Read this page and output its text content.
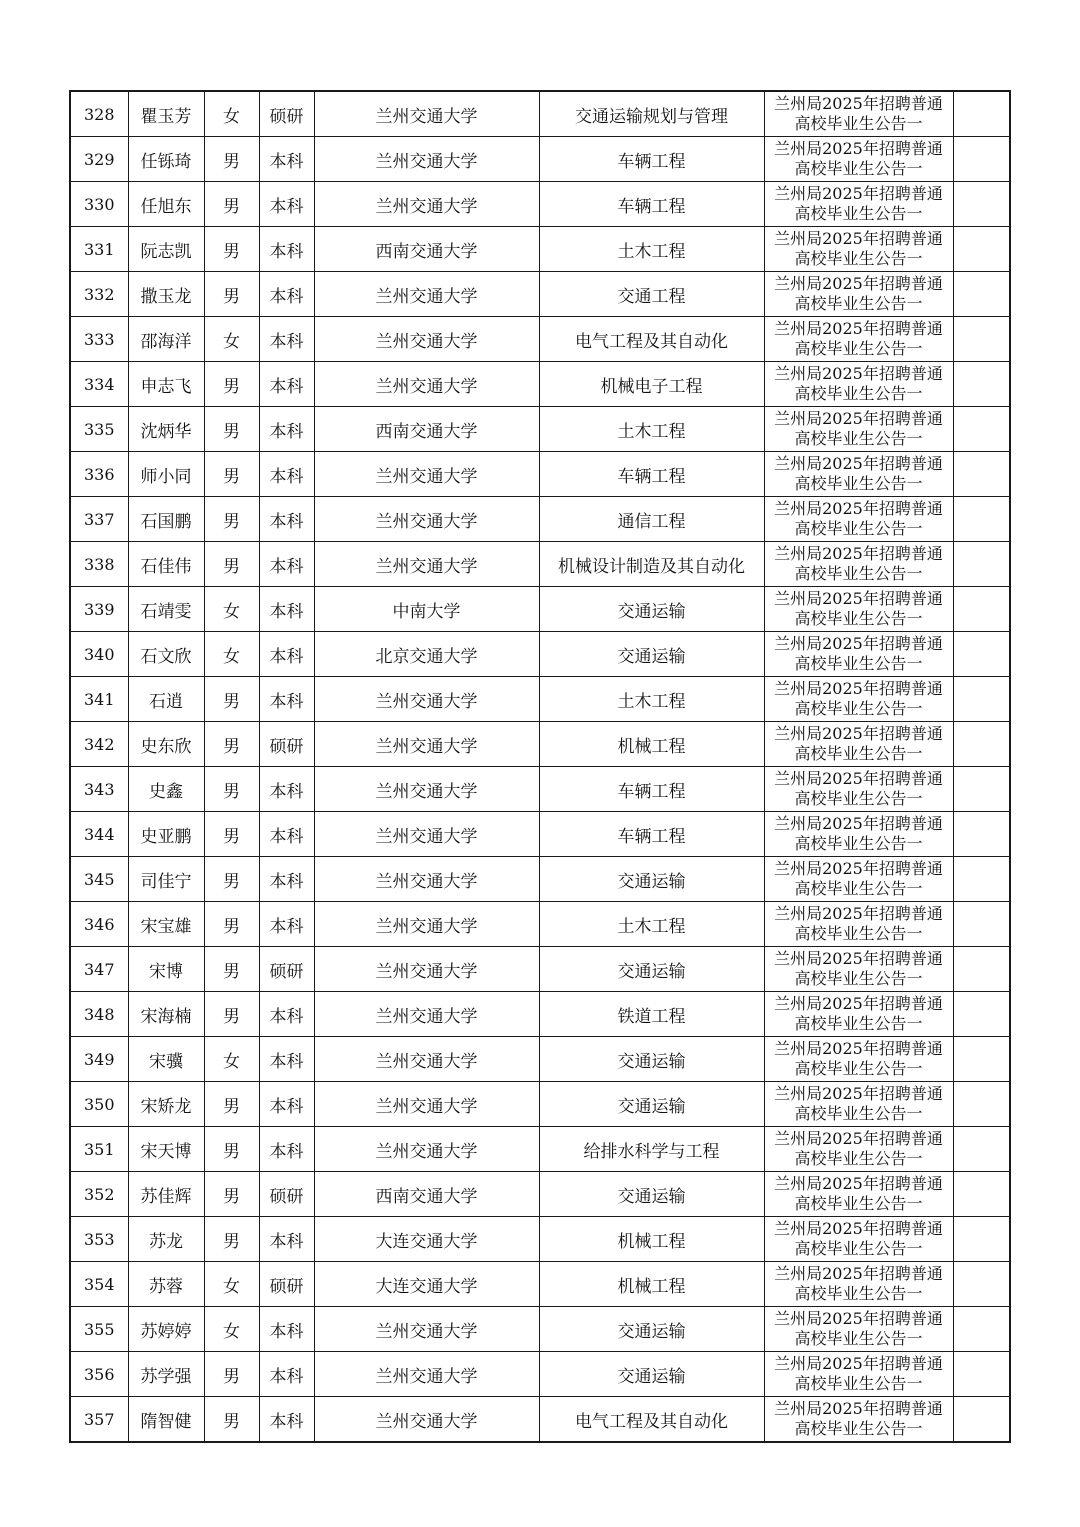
328	瞿玉芳	女	硕研	兰州交通大学	交通运输规划与管理	兰州局2025年招聘普通
高校毕业生公告一	

329	任铄琦	男	本科	兰州交通大学	车辆工程	兰州局2025年招聘普通
高校毕业生公告一	

330	任旭东	男	本科	兰州交通大学	车辆工程	兰州局2025年招聘普通
高校毕业生公告一	

331	阮志凯	男	本科	西南交通大学	土木工程	兰州局2025年招聘普通
高校毕业生公告一	

332	撒玉龙	男	本科	兰州交通大学	交通工程	兰州局2025年招聘普通
高校毕业生公告一	

333	邵海洋	女	本科	兰州交通大学	电气工程及其自动化	兰州局2025年招聘普通
高校毕业生公告一	

334	申志飞	男	本科	兰州交通大学	机械电子工程	兰州局2025年招聘普通
高校毕业生公告一	

335	沈炳华	男	本科	西南交通大学	土木工程	兰州局2025年招聘普通
高校毕业生公告一	

336	师小同	男	本科	兰州交通大学	车辆工程	兰州局2025年招聘普通
高校毕业生公告一	

337	石国鹏	男	本科	兰州交通大学	通信工程	兰州局2025年招聘普通
高校毕业生公告一	

338	石佳伟	男	本科	兰州交通大学	机械设计制造及其自动化	兰州局2025年招聘普通
高校毕业生公告一	

339	石靖雯	女	本科	中南大学	交通运输	兰州局2025年招聘普通
高校毕业生公告一	

340	石文欣	女	本科	北京交通大学	交通运输	兰州局2025年招聘普通
高校毕业生公告一	

341	石逍	男	本科	兰州交通大学	土木工程	兰州局2025年招聘普通
高校毕业生公告一	

342	史东欣	男	硕研	兰州交通大学	机械工程	兰州局2025年招聘普通
高校毕业生公告一	

343	史鑫	男	本科	兰州交通大学	车辆工程	兰州局2025年招聘普通
高校毕业生公告一	

344	史亚鹏	男	本科	兰州交通大学	车辆工程	兰州局2025年招聘普通
高校毕业生公告一	

345	司佳宁	男	本科	兰州交通大学	交通运输	兰州局2025年招聘普通
高校毕业生公告一	

346	宋宝雄	男	本科	兰州交通大学	土木工程	兰州局2025年招聘普通
高校毕业生公告一	

347	宋博	男	硕研	兰州交通大学	交通运输	兰州局2025年招聘普通
高校毕业生公告一	

348	宋海楠	男	本科	兰州交通大学	铁道工程	兰州局2025年招聘普通
高校毕业生公告一	

349	宋骥	女	本科	兰州交通大学	交通运输	兰州局2025年招聘普通
高校毕业生公告一	

350	宋矫龙	男	本科	兰州交通大学	交通运输	兰州局2025年招聘普通
高校毕业生公告一	

351	宋天博	男	本科	兰州交通大学	给排水科学与工程	兰州局2025年招聘普通
高校毕业生公告一	

352	苏佳辉	男	硕研	西南交通大学	交通运输	兰州局2025年招聘普通
高校毕业生公告一	

353	苏龙	男	本科	大连交通大学	机械工程	兰州局2025年招聘普通
高校毕业生公告一	

354	苏蓉	女	硕研	大连交通大学	机械工程	兰州局2025年招聘普通
高校毕业生公告一	

355	苏婷婷	女	本科	兰州交通大学	交通运输	兰州局2025年招聘普通
高校毕业生公告一	

356	苏学强	男	本科	兰州交通大学	交通运输	兰州局2025年招聘普通
高校毕业生公告一	

357	隋智健	男	本科	兰州交通大学	电气工程及其自动化	兰州局2025年招聘普通
高校毕业生公告一	
